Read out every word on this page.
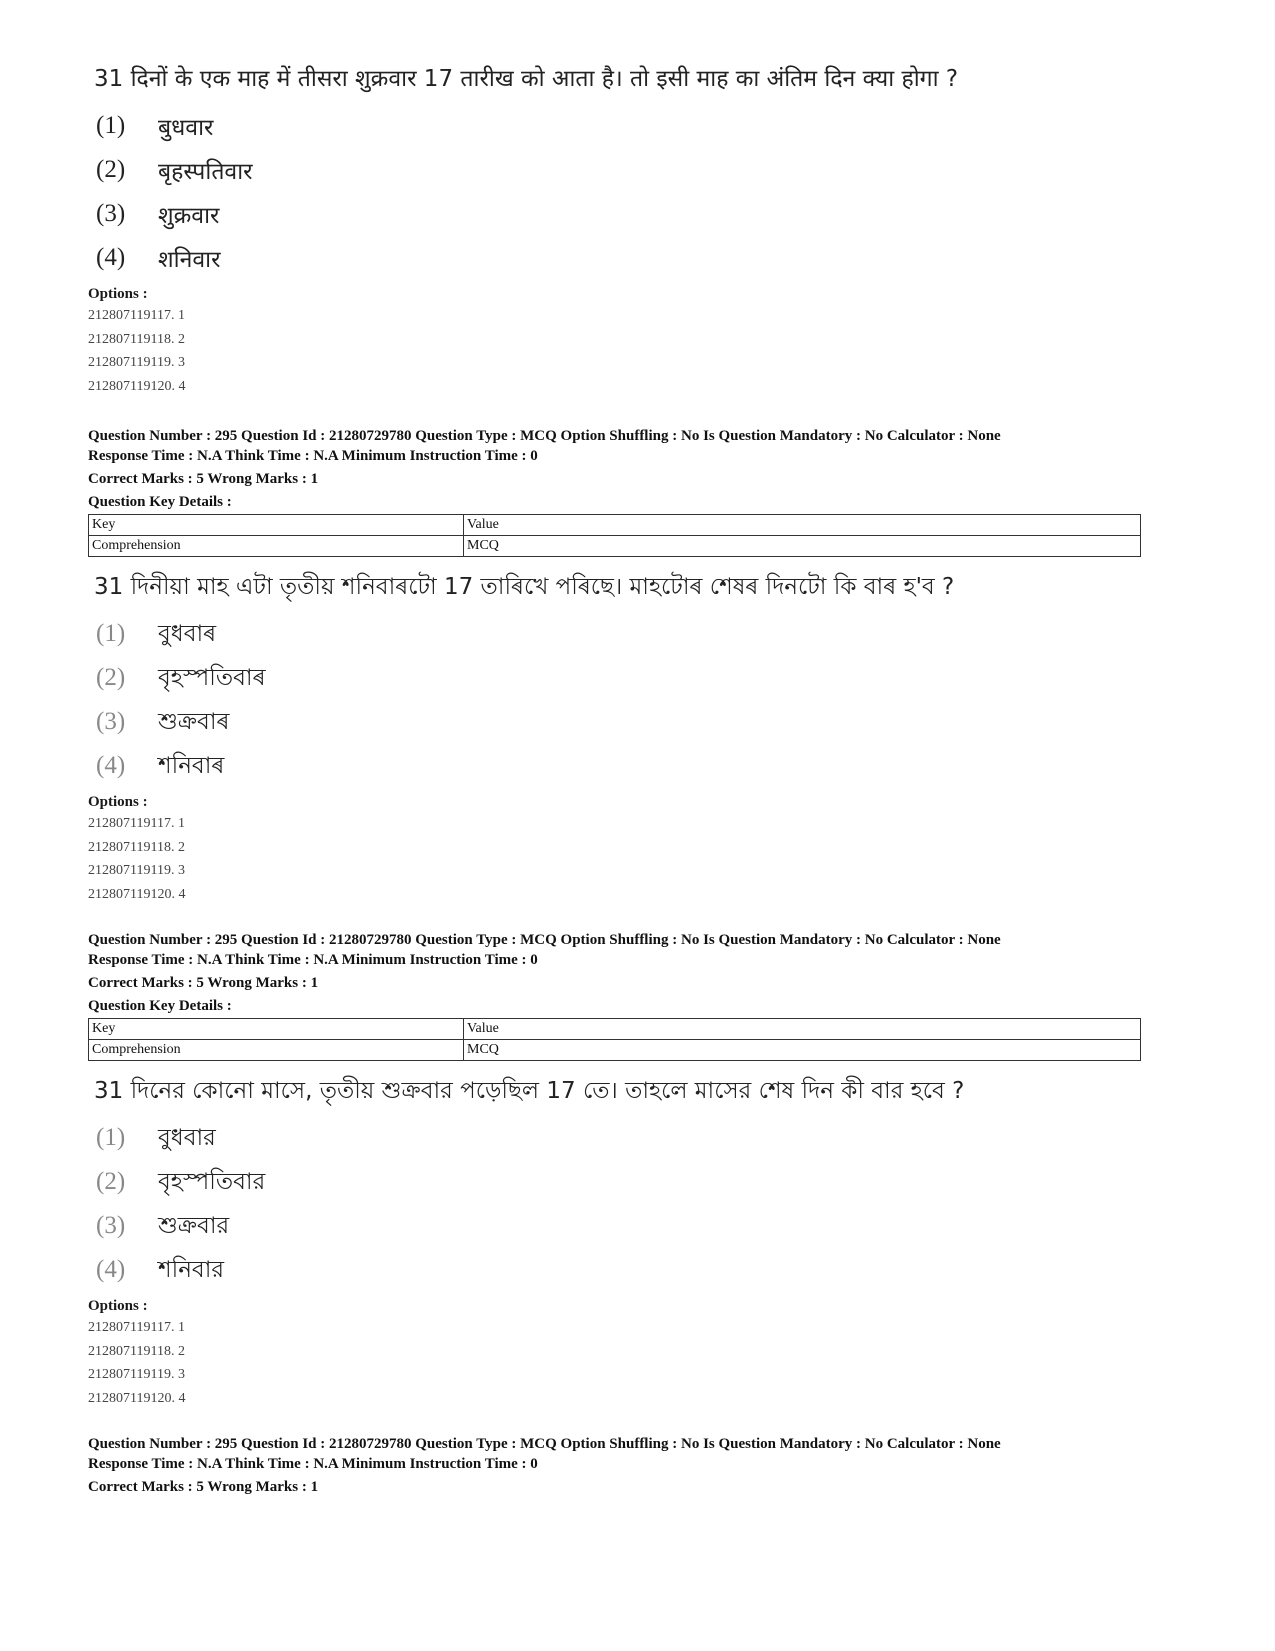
31 दिनों के एक माह में तीसरा शुक्रवार 17 तारीख को आता है। तो इसी माह का अंतिम दिन क्या होगा ?
(1)	बुधवार
(2)	बृहस्पतिवार
(3)	शुक्रवार
(4)	शनिवार
Options :
212807119117. 1
212807119118. 2
212807119119. 3
212807119120. 4
Question Number : 295 Question Id : 21280729780 Question Type : MCQ Option Shuffling : No Is Question Mandatory : No Calculator : None
Response Time : N.A Think Time : N.A Minimum Instruction Time : 0
Correct Marks : 5 Wrong Marks : 1
Question Key Details :
Key	Value
Comprehension	MCQ
31 দিনীয়া মাহ এটা তৃতীয় শনিবাৰটো 17 তাৰিখে পৰিছে। মাহটোৰ শেষৰ দিনটো কি বাৰ হ'ব ?
(1)	বুধবাৰ
(2)	বৃহস্পতিবাৰ
(3)	শুক্ৰবাৰ
(4)	শনিবাৰ
Options :
212807119117. 1
212807119118. 2
212807119119. 3
212807119120. 4
Question Number : 295 Question Id : 21280729780 Question Type : MCQ Option Shuffling : No Is Question Mandatory : No Calculator : None
Response Time : N.A Think Time : N.A Minimum Instruction Time : 0
Correct Marks : 5 Wrong Marks : 1
Question Key Details :
Key	Value
Comprehension	MCQ
31 দিনের কোনো মাসে, তৃতীয় শুক্রবার পড়েছিল 17 তে। তাহলে মাসের শেষ দিন কী বার হবে ?
(1)	বুধবার
(2)	বৃহস্পতিবার
(3)	শুক্রবার
(4)	শনিবার
Options :
212807119117. 1
212807119118. 2
212807119119. 3
212807119120. 4
Question Number : 295 Question Id : 21280729780 Question Type : MCQ Option Shuffling : No Is Question Mandatory : No Calculator : None
Response Time : N.A Think Time : N.A Minimum Instruction Time : 0
Correct Marks : 5 Wrong Marks : 1
